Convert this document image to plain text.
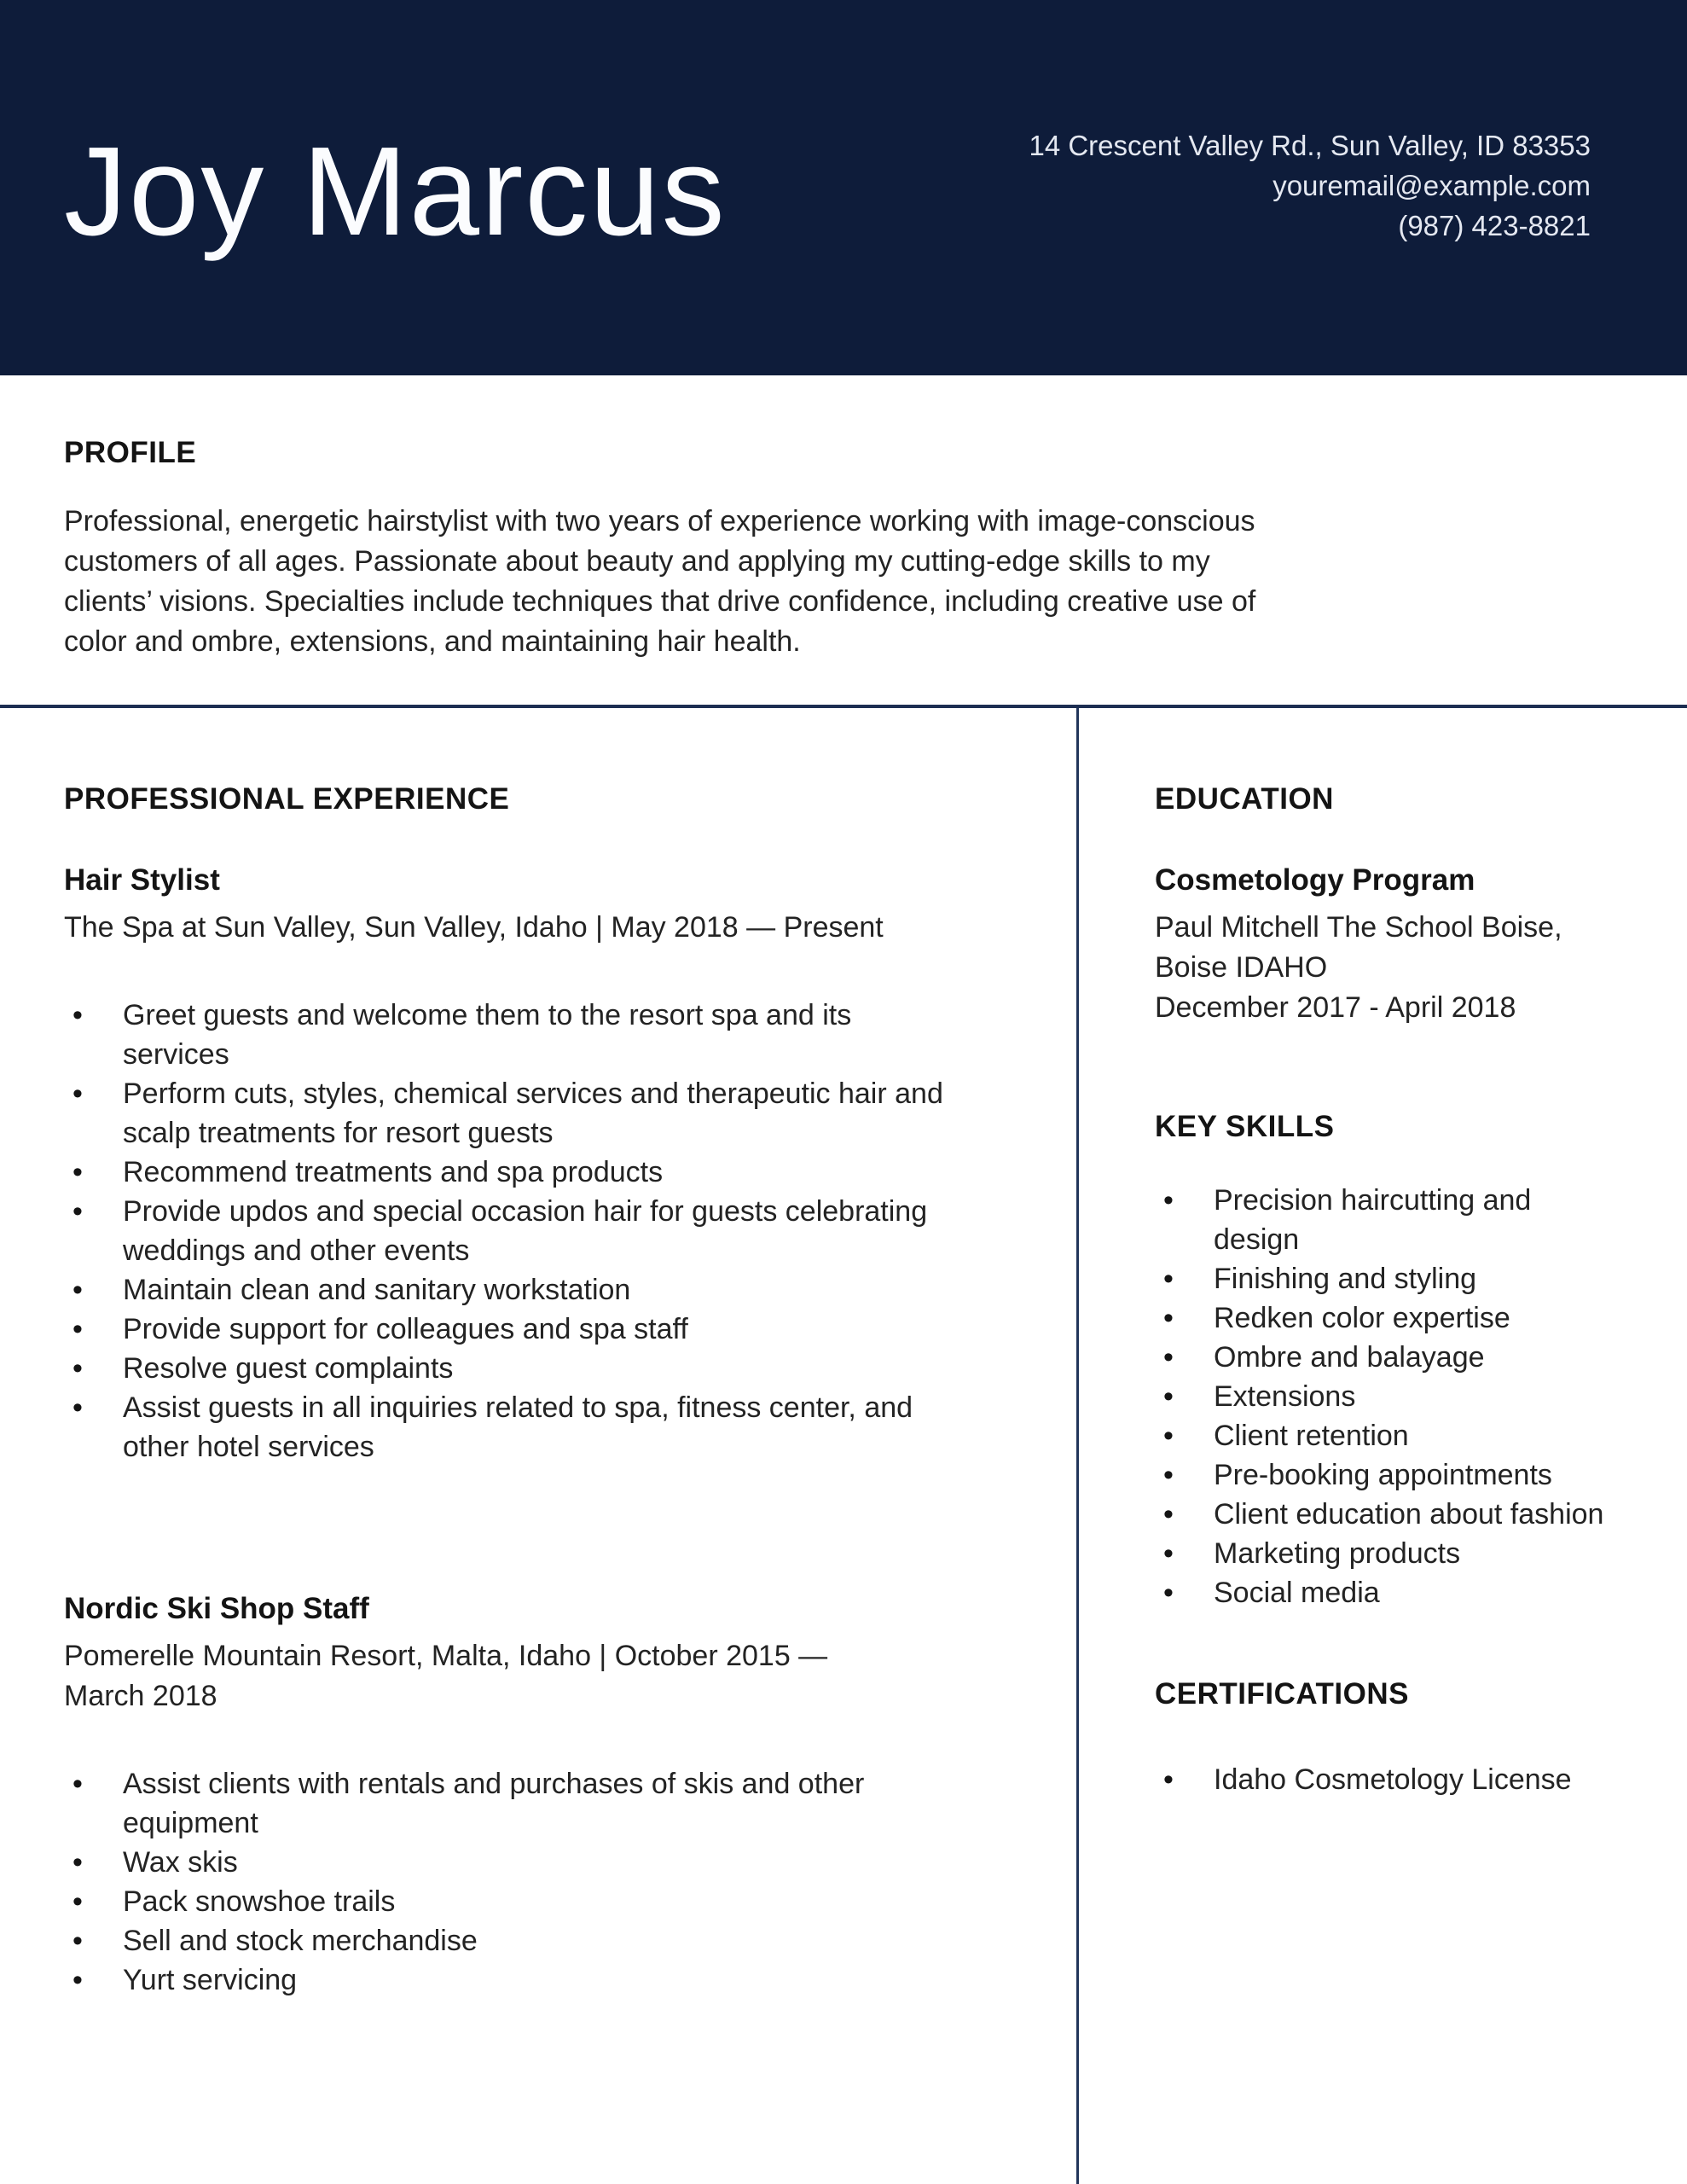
Joy Marcus	14 Crescent Valley Rd., Sun Valley, ID 83353
youremail@example.com
(987) 423-8821
PROFILE
Professional, energetic hairstylist with two years of experience working with image-conscious customers of all ages. Passionate about beauty and applying my cutting-edge skills to my clients’ visions. Specialties include techniques that drive confidence, including creative use of color and ombre, extensions, and maintaining hair health.
PROFESSIONAL EXPERIENCE
Hair Stylist
The Spa at Sun Valley, Sun Valley, Idaho | May 2018 — Present
• Greet guests and welcome them to the resort spa and its services
• Perform cuts, styles, chemical services and therapeutic hair and scalp treatments for resort guests
• Recommend treatments and spa products
• Provide updos and special occasion hair for guests celebrating weddings and other events
• Maintain clean and sanitary workstation
• Provide support for colleagues and spa staff
• Resolve guest complaints
• Assist guests in all inquiries related to spa, fitness center, and other hotel services
Nordic Ski Shop Staff
Pomerelle Mountain Resort, Malta, Idaho | October 2015 — March 2018
• Assist clients with rentals and purchases of skis and other equipment
• Wax skis
• Pack snowshoe trails
• Sell and stock merchandise
• Yurt servicing
EDUCATION
Cosmetology Program
Paul Mitchell The School Boise,
Boise IDAHO
December 2017 - April 2018
KEY SKILLS
• Precision haircutting and design
• Finishing and styling
• Redken color expertise
• Ombre and balayage
• Extensions
• Client retention
• Pre-booking appointments
• Client education about fashion
• Marketing products
• Social media
CERTIFICATIONS
• Idaho Cosmetology License
